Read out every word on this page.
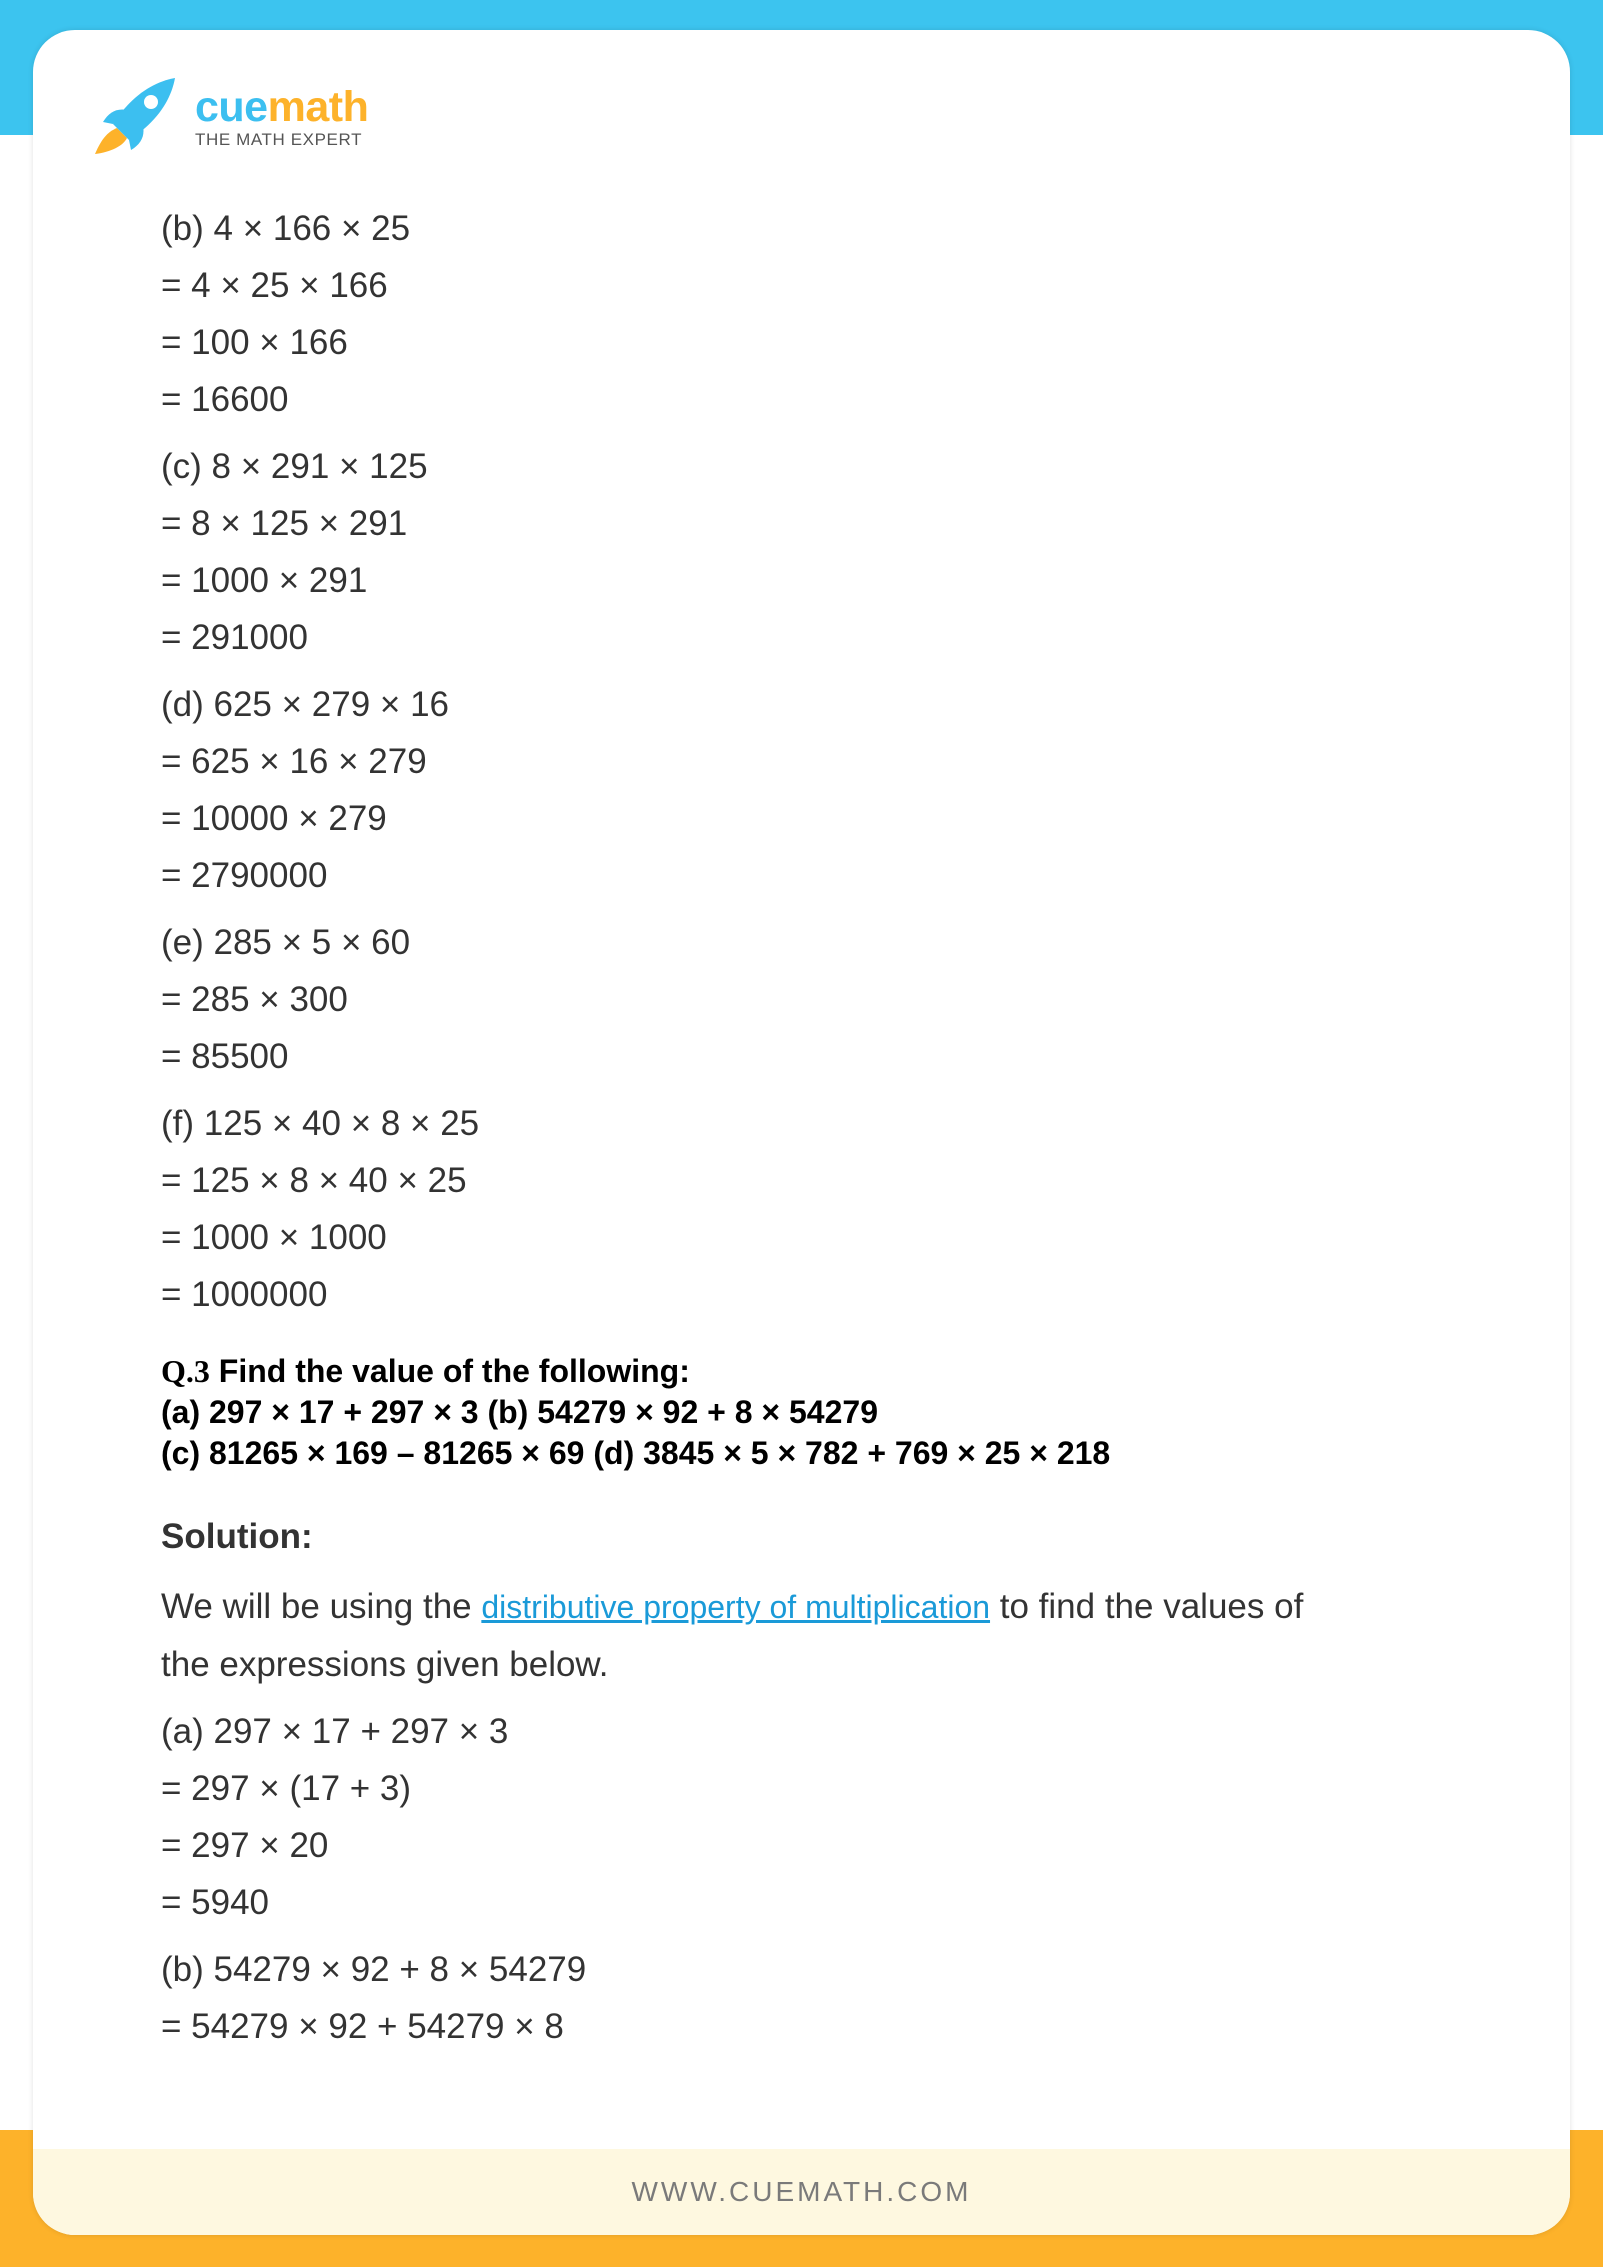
cuemath
THE MATH EXPERT
WWW.CUEMATH.COM
(b) 4 × 166 × 25
= 4 × 25 × 166
= 100 × 166
= 16600
(c) 8 × 291 × 125
= 8 × 125 × 291
= 1000 × 291
= 291000
(d) 625 × 279 × 16
= 625 × 16 × 279
= 10000 × 279
= 2790000
(e) 285 × 5 × 60
= 285 × 300
= 85500
(f) 125 × 40 × 8 × 25
= 125 × 8 × 40 × 25
= 1000 × 1000
= 1000000
Q.3 Find the value of the following:
(a) 297 × 17 + 297 × 3 (b) 54279 × 92 + 8 × 54279
(c) 81265 × 169 – 81265 × 69 (d) 3845 × 5 × 782 + 769 × 25 × 218
Solution:
We will be using the distributive property of multiplication to find the values of
the expressions given below.
(a) 297 × 17 + 297 × 3
= 297 × (17 + 3)
= 297 × 20
= 5940
(b) 54279 × 92 + 8 × 54279
= 54279 × 92 + 54279 × 8
